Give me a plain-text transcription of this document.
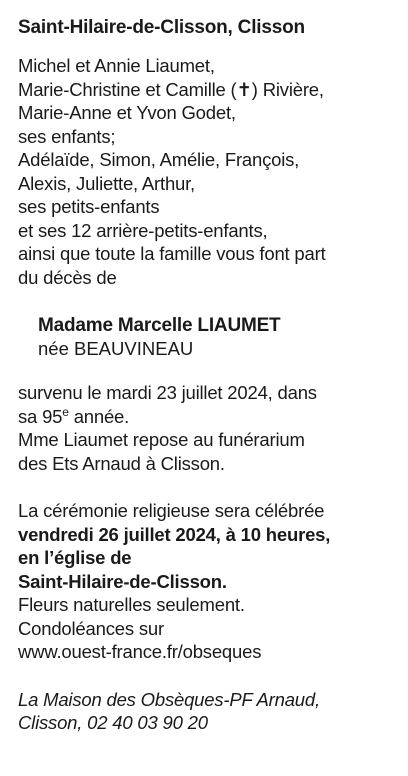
Saint-Hilaire-de-Clisson, Clisson
Michel et Annie Liaumet,
Marie-Christine et Camille (✝) Rivière,
Marie-Anne et Yvon Godet,
ses enfants;
Adélaïde, Simon, Amélie, François,
Alexis, Juliette, Arthur,
ses petits-enfants
et ses 12 arrière-petits-enfants,
ainsi que toute la famille vous font part
du décès de
Madame Marcelle LIAUMET
née BEAUVINEAU
survenu le mardi 23 juillet 2024, dans
sa 95e année.
Mme Liaumet repose au funérarium
des Ets Arnaud à Clisson.
La cérémonie religieuse sera célébrée
vendredi 26 juillet 2024, à 10 heures,
en l’église de
Saint-Hilaire-de-Clisson.
Fleurs naturelles seulement.
Condoléances sur
www.ouest-france.fr/obseques
La Maison des Obsèques-PF Arnaud,
Clisson, 02 40 03 90 20
